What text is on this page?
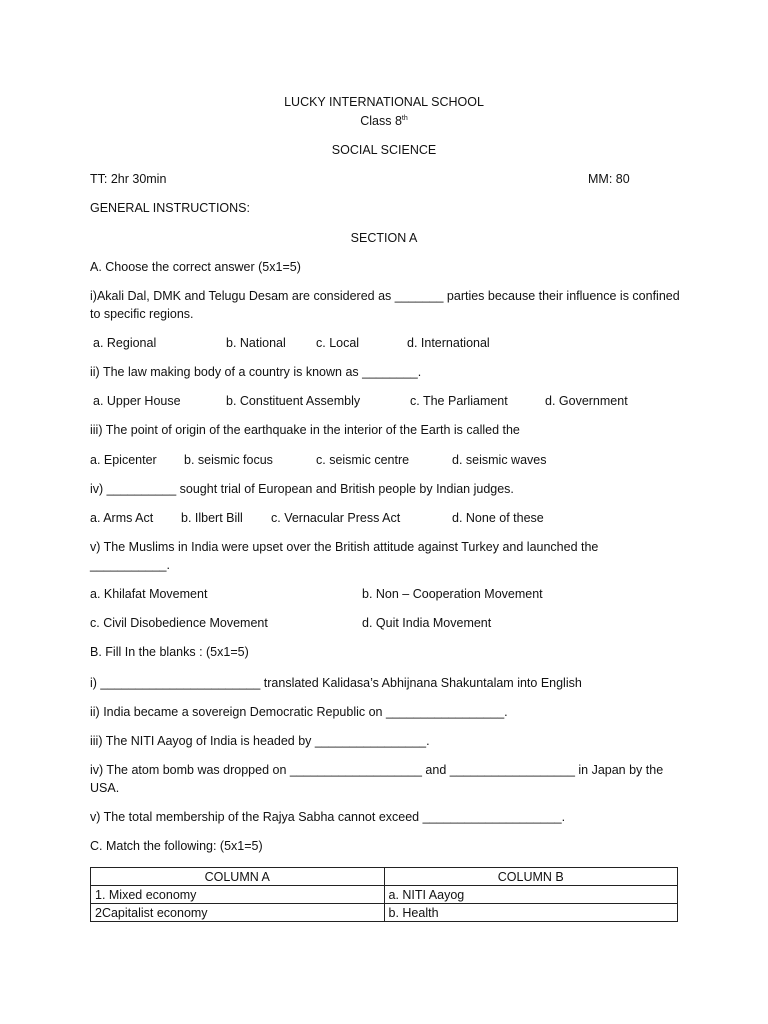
LUCKY INTERNATIONAL SCHOOL
Class 8th
SOCIAL SCIENCE
TT: 2hr 30min	MM: 80
GENERAL INSTRUCTIONS:
SECTION A
A. Choose the correct answer (5x1=5)
i)Akali Dal, DMK and Telugu Desam are considered as _______ parties because their influence is confined
to specific regions.
a. Regional	b. National c. Local	d. International
ii) The law making body of a country is known as ________.
a. Upper House	b. Constituent Assembly	c. The Parliament	d. Government
iii) The point of origin of the earthquake in the interior of the Earth is called the
a. Epicenter b. seismic focus	c. seismic centre	d. seismic waves
iv) __________ sought trial of European and British people by Indian judges.
a. Arms Act b. Ilbert Bill c. Vernacular Press Act	d. None of these
v) The Muslims in India were upset over the British attitude against Turkey and launched the
___________.
a. Khilafat Movement	b. Non – Cooperation Movement
c. Civil Disobedience Movement	d. Quit India Movement
B. Fill In the blanks : (5x1=5)
i) _______________________ translated Kalidasa’s Abhijnana Shakuntalam into English
ii) India became a sovereign Democratic Republic on _________________.
iii) The NITI Aayog of India is headed by ________________.
iv) The atom bomb was dropped on ___________________ and __________________ in Japan by the
USA.
v) The total membership of the Rajya Sabha cannot exceed ____________________.
C. Match the following: (5x1=5)
COLUMN A	COLUMN B
1. Mixed economy	a. NITI Aayog
2Capitalist economy	b. Health
